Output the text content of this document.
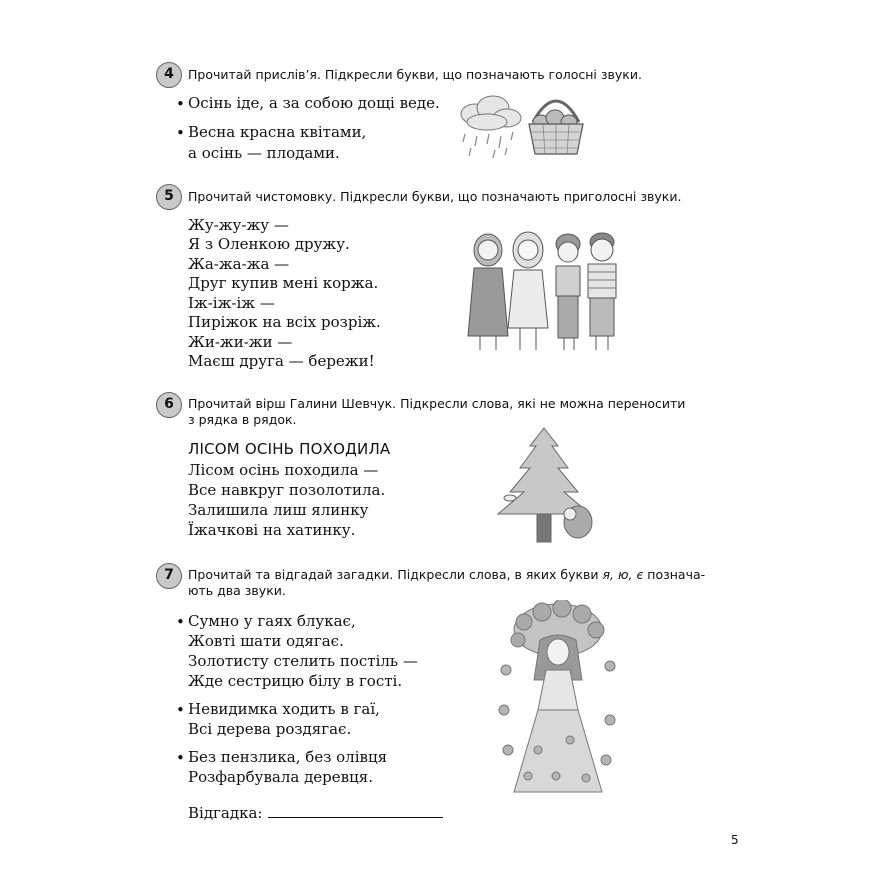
4	Прочитай прислів’я. Підкресли букви, що позначають голосні звуки.
• Осінь іде, а за собою дощі веде.
• Весна красна квітами,
а осінь — плодами.
5	Прочитай чистомовку. Підкресли букви, що позначають приголосні звуки.
Жу-жу-жу —
Я з Оленкою дружу.
Жа-жа-жа —
Друг купив мені коржа.
Іж-іж-іж —
Пиріжок на всіх розріж.
Жи-жи-жи —
Маєш друга — бережи!
6	Прочитай вірш Галини Шевчук. Підкресли слова, які не можна переносити
з рядка в рядок.
ЛІСОМ ОСІНЬ ПОХОДИЛА
Лісом осінь походила —
Все навкруг позолотила.
Залишила лиш ялинку
Їжачкові на хатинку.
7	Прочитай та відгадай загадки. Підкресли слова, в яких букви я, ю, є познача-
ють два звуки.
• Сумно у гаях блукає,
Жовті шати одягає.
Золотисту стелить постіль —
Жде сестрицю білу в гості.
• Невидимка ходить в гаї,
Всі дерева роздягає.
• Без пензлика, без олівця
Розфарбувала деревця.
Відгадка:
5
